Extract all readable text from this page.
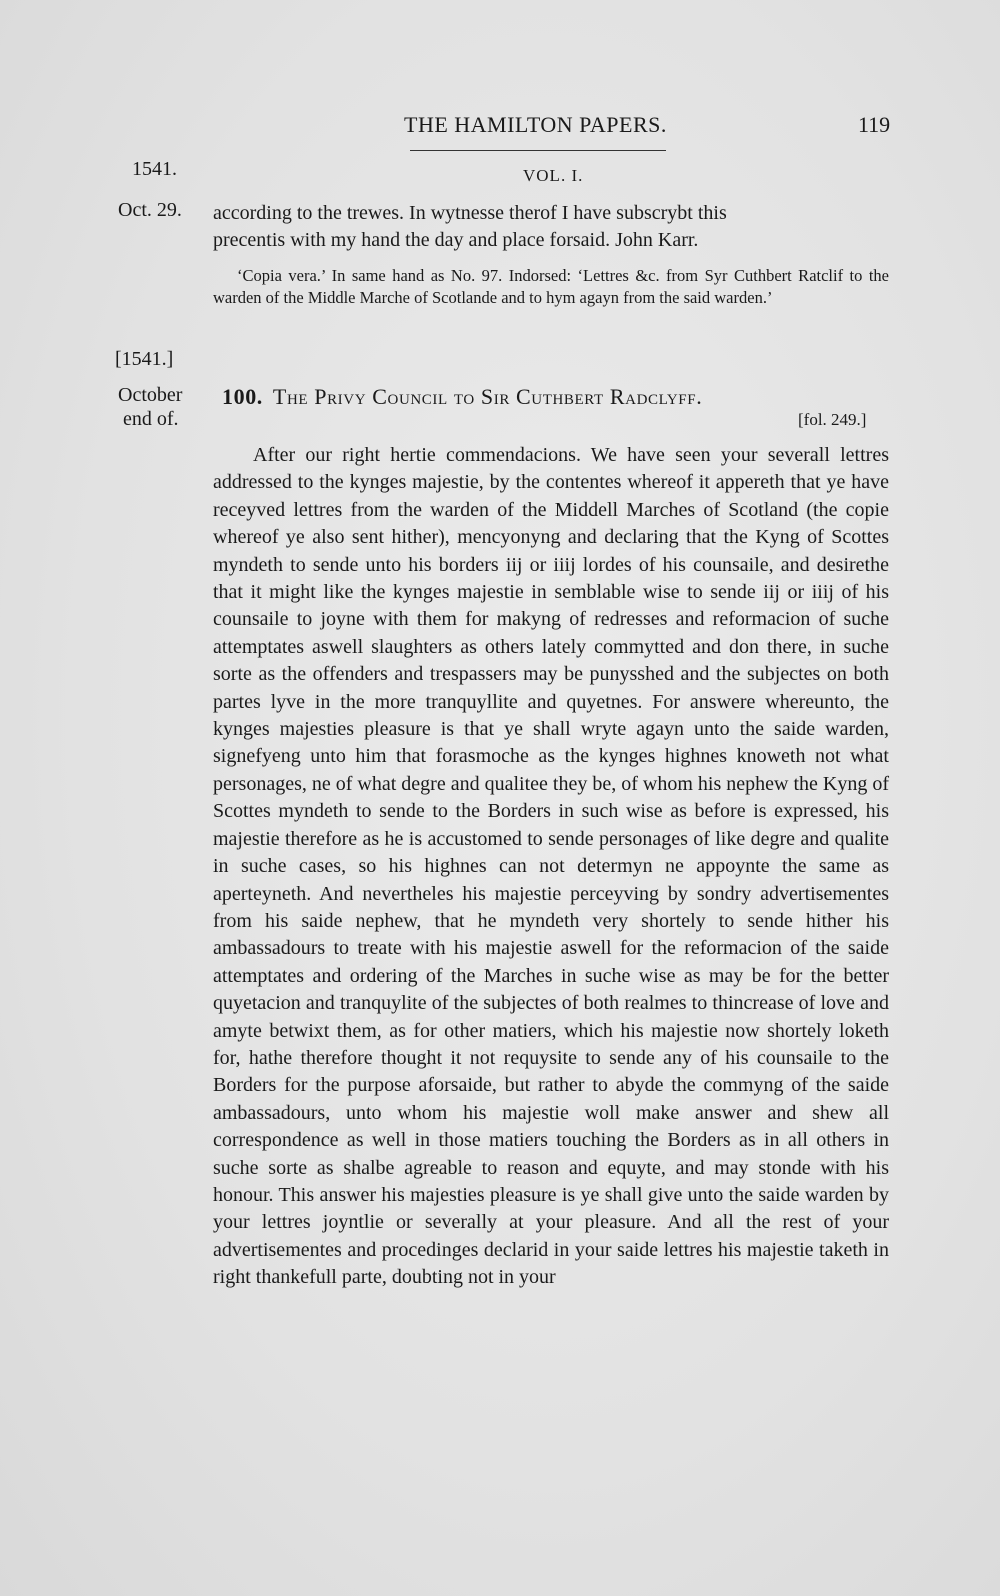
THE HAMILTON PAPERS.	119
VOL. I.
1541.
Oct. 29. according to the trewes. In wytnesse therof I have subscrybt this
precentis with my hand the day and place forsaid. John Karr.
‘Copia vera.’ In same hand as No. 97. Indorsed: ‘Lettres &c. from Syr Cuthbert Ratclif to the warden of the Middle Marche of Scotlande and to hym agayn from the said warden.’
[1541.]
October
end of.
100. The Privy Council to Sir Cuthbert Radclyff.
[fol. 249.]

After our right hertie commendacions. We have seen your severall lettres addressed to the kynges majestie, by the contentes whereof it appereth that ye have receyved lettres from the warden of the Middell Marches of Scotland (the copie whereof ye also sent hither), mencyonyng and declaring that the Kyng of Scottes myndeth to sende unto his borders iij or iiij lordes of his counsaile, and desirethe that it might like the kynges majestie in semblable wise to sende iij or iiij of his counsaile to joyne with them for makyng of redresses and reformacion of suche attemptates aswell slaughters as others lately commytted and don there, in suche sorte as the offenders and trespassers may be punysshed and the subjectes on both partes lyve in the more tranquyllite and quyetnes. For answere whereunto, the kynges majesties pleasure is that ye shall wryte agayn unto the saide warden, signefyeng unto him that forasmoche as the kynges highnes knoweth not what personages, ne of what degre and qualitee they be, of whom his nephew the Kyng of Scottes myndeth to sende to the Borders in such wise as before is expressed, his majestie therefore as he is accustomed to sende personages of like degre and qualite in suche cases, so his highnes can not determyn ne appoynte the same as aperteyneth. And nevertheles his majestie perceyving by sondry advertisementes from his saide nephew, that he myndeth very shortely to sende hither his ambassadours to treate with his majestie aswell for the reformacion of the saide attemptates and ordering of the Marches in suche wise as may be for the better quyetacion and tranquylite of the subjectes of both realmes to thincrease of love and amyte betwixt them, as for other matiers, which his majestie now shortely loketh for, hathe therefore thought it not requysite to sende any of his counsaile to the Borders for the purpose aforsaide, but rather to abyde the commyng of the saide ambassadours, unto whom his majestie woll make answer and shew all correspondence as well in those matiers touching the Borders as in all others in suche sorte as shalbe agreable to reason and equyte, and may stonde with his honour. This answer his majesties pleasure is ye shall give unto the saide warden by your lettres joyntlie or severally at your pleasure. And all the rest of your advertisementes and procedinges declarid in your saide lettres his majestie taketh in right thankefull parte, doubting not in your
